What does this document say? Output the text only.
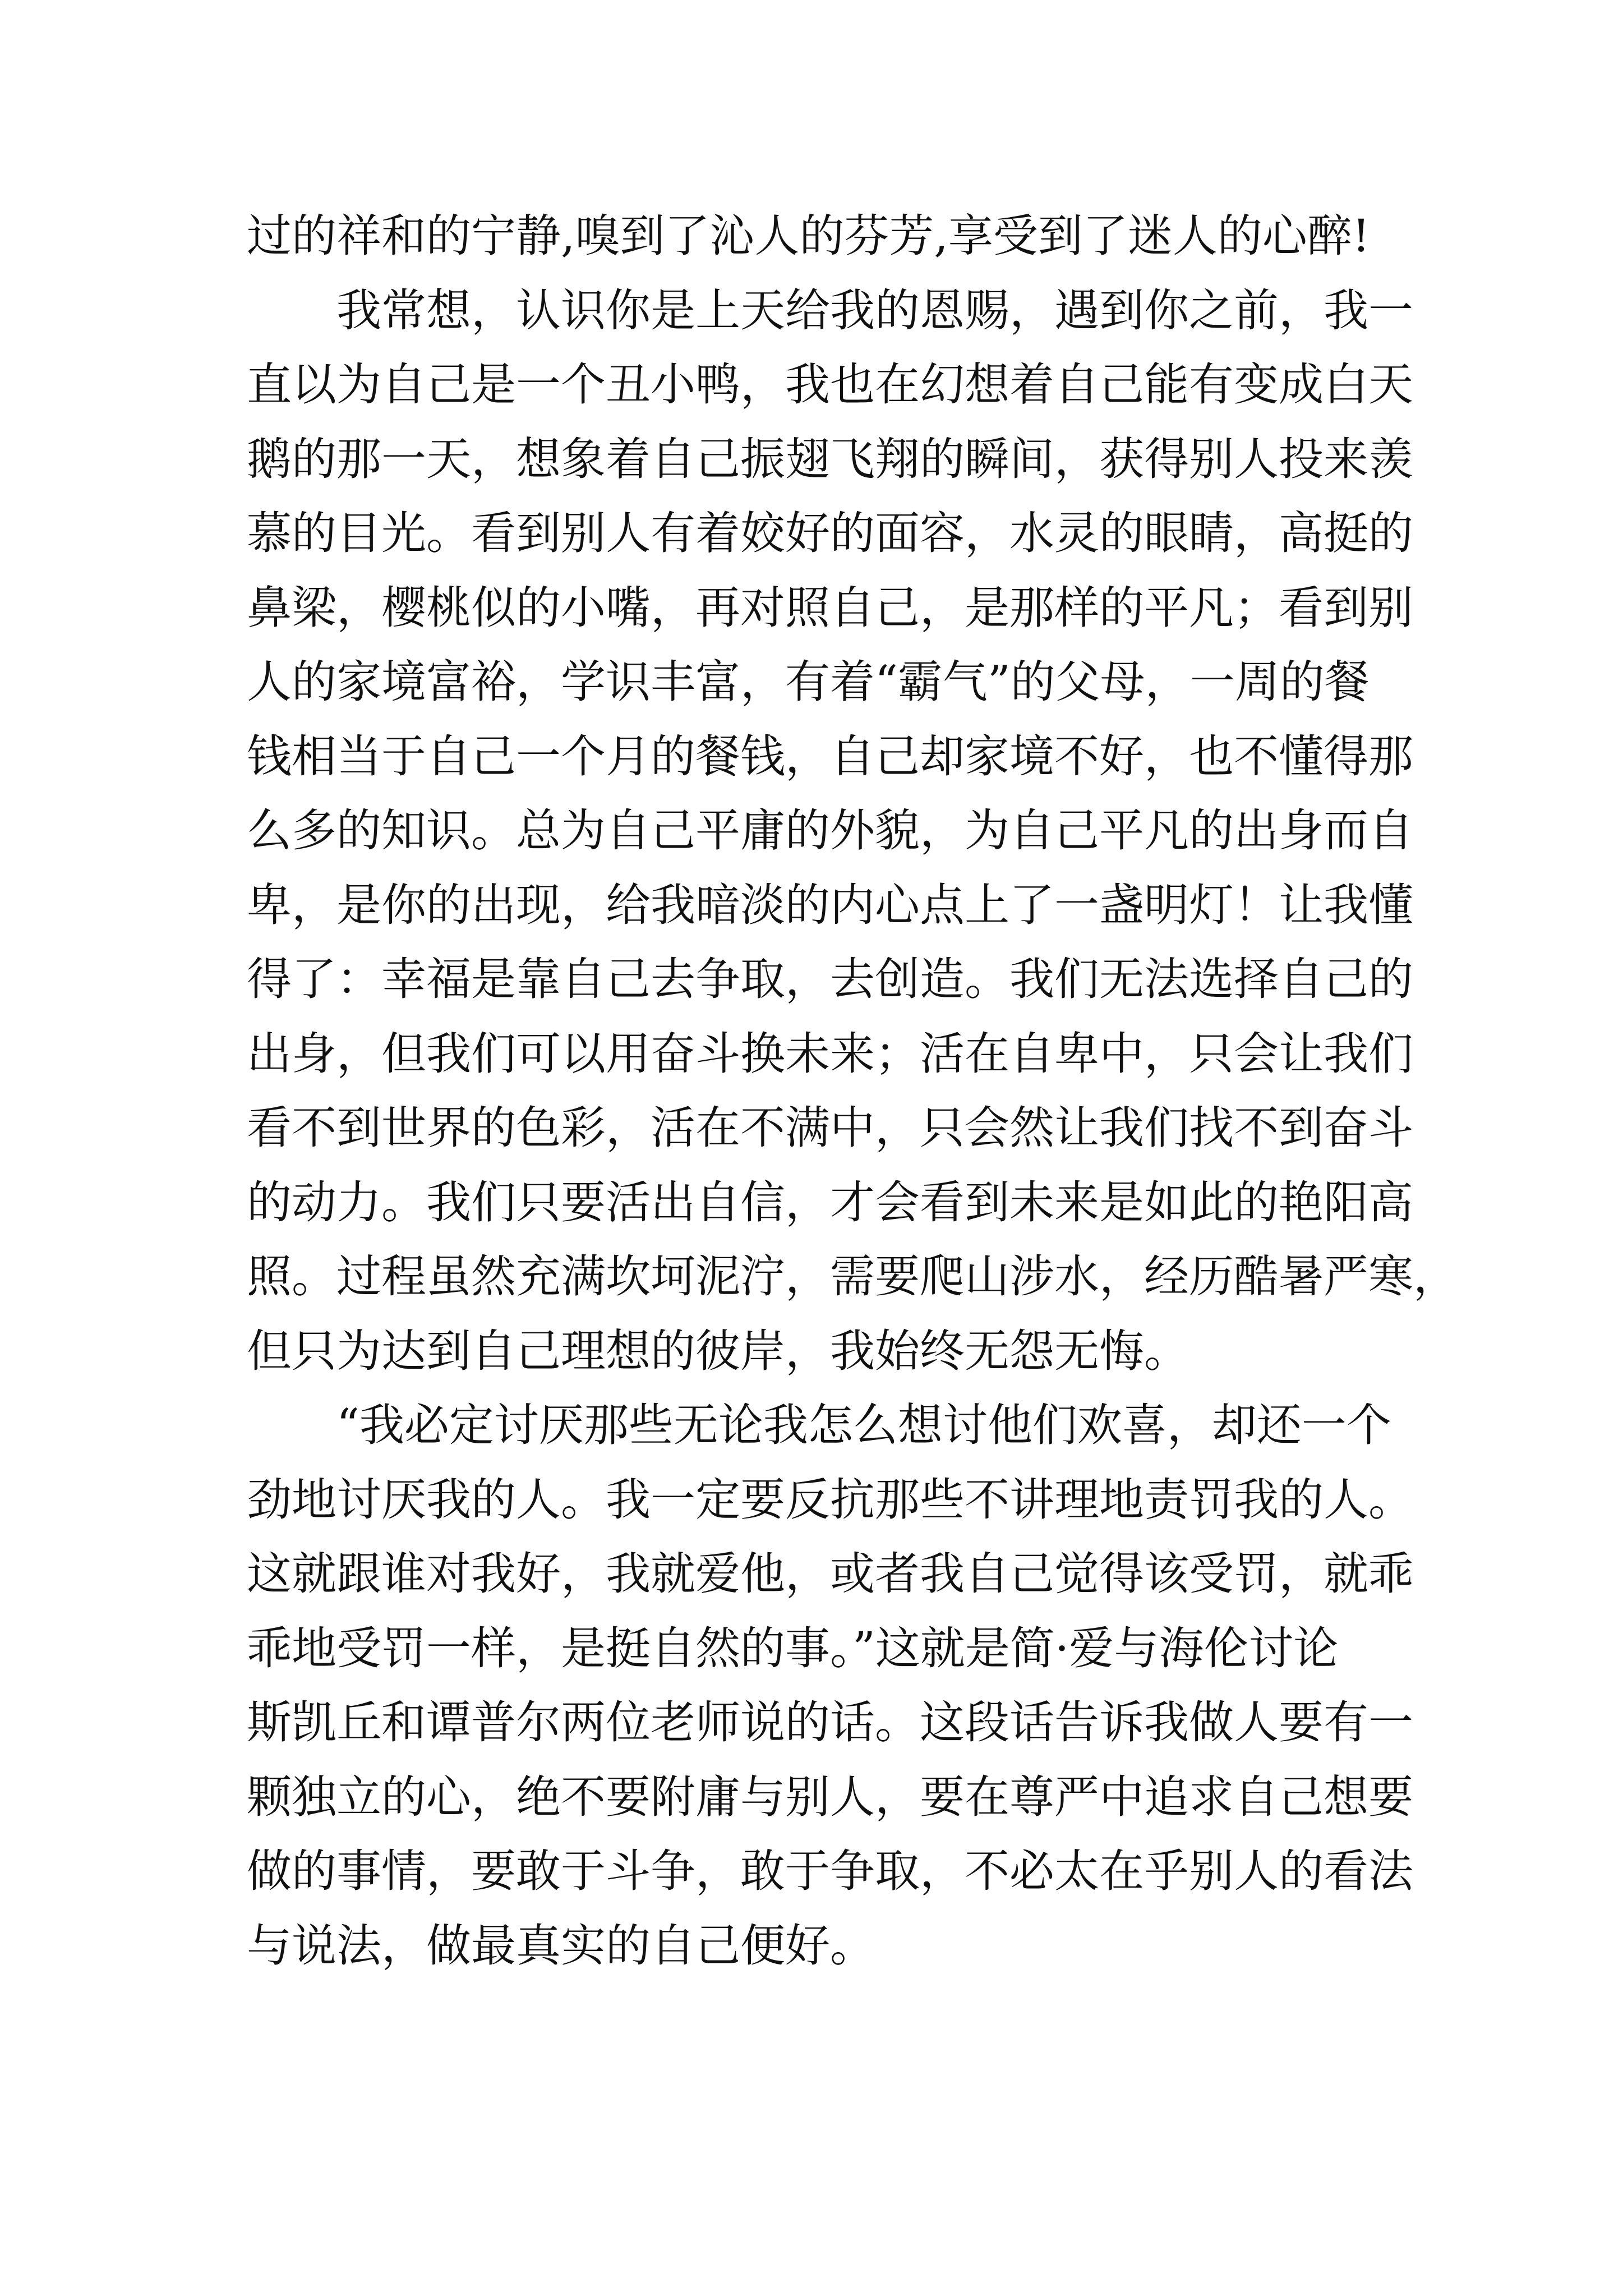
过的祥和的宁静,嗅到了沁人的芬芳,享受到了迷人的心醉!
　　我常想，认识你是上天给我的恩赐，遇到你之前，我一
直以为自己是一个丑小鸭，我也在幻想着自己能有变成白天
鹅的那一天，想象着自己振翅飞翔的瞬间，获得别人投来羡
慕的目光。看到别人有着姣好的面容，水灵的眼睛，高挺的
鼻梁，樱桃似的小嘴，再对照自己，是那样的平凡；看到别
人的家境富裕，学识丰富，有着“霸气”的父母，一周的餐
钱相当于自己一个月的餐钱，自己却家境不好，也不懂得那
么多的知识。总为自己平庸的外貌，为自己平凡的出身而自
卑，是你的出现，给我暗淡的内心点上了一盏明灯！让我懂
得了：幸福是靠自己去争取，去创造。我们无法选择自己的
出身，但我们可以用奋斗换未来；活在自卑中，只会让我们
看不到世界的色彩，活在不满中，只会然让我们找不到奋斗
的动力。我们只要活出自信，才会看到未来是如此的艳阳高
照。过程虽然充满坎坷泥泞，需要爬山涉水，经历酷暑严寒，
但只为达到自己理想的彼岸，我始终无怨无悔。
　　“我必定讨厌那些无论我怎么想讨他们欢喜，却还一个
劲地讨厌我的人。我一定要反抗那些不讲理地责罚我的人。
这就跟谁对我好，我就爱他，或者我自己觉得该受罚，就乖
乖地受罚一样，是挺自然的事。”这就是简·爱与海伦讨论
斯凯丘和谭普尔两位老师说的话。这段话告诉我做人要有一
颗独立的心，绝不要附庸与别人，要在尊严中追求自己想要
做的事情，要敢于斗争，敢于争取，不必太在乎别人的看法
与说法，做最真实的自己便好。
